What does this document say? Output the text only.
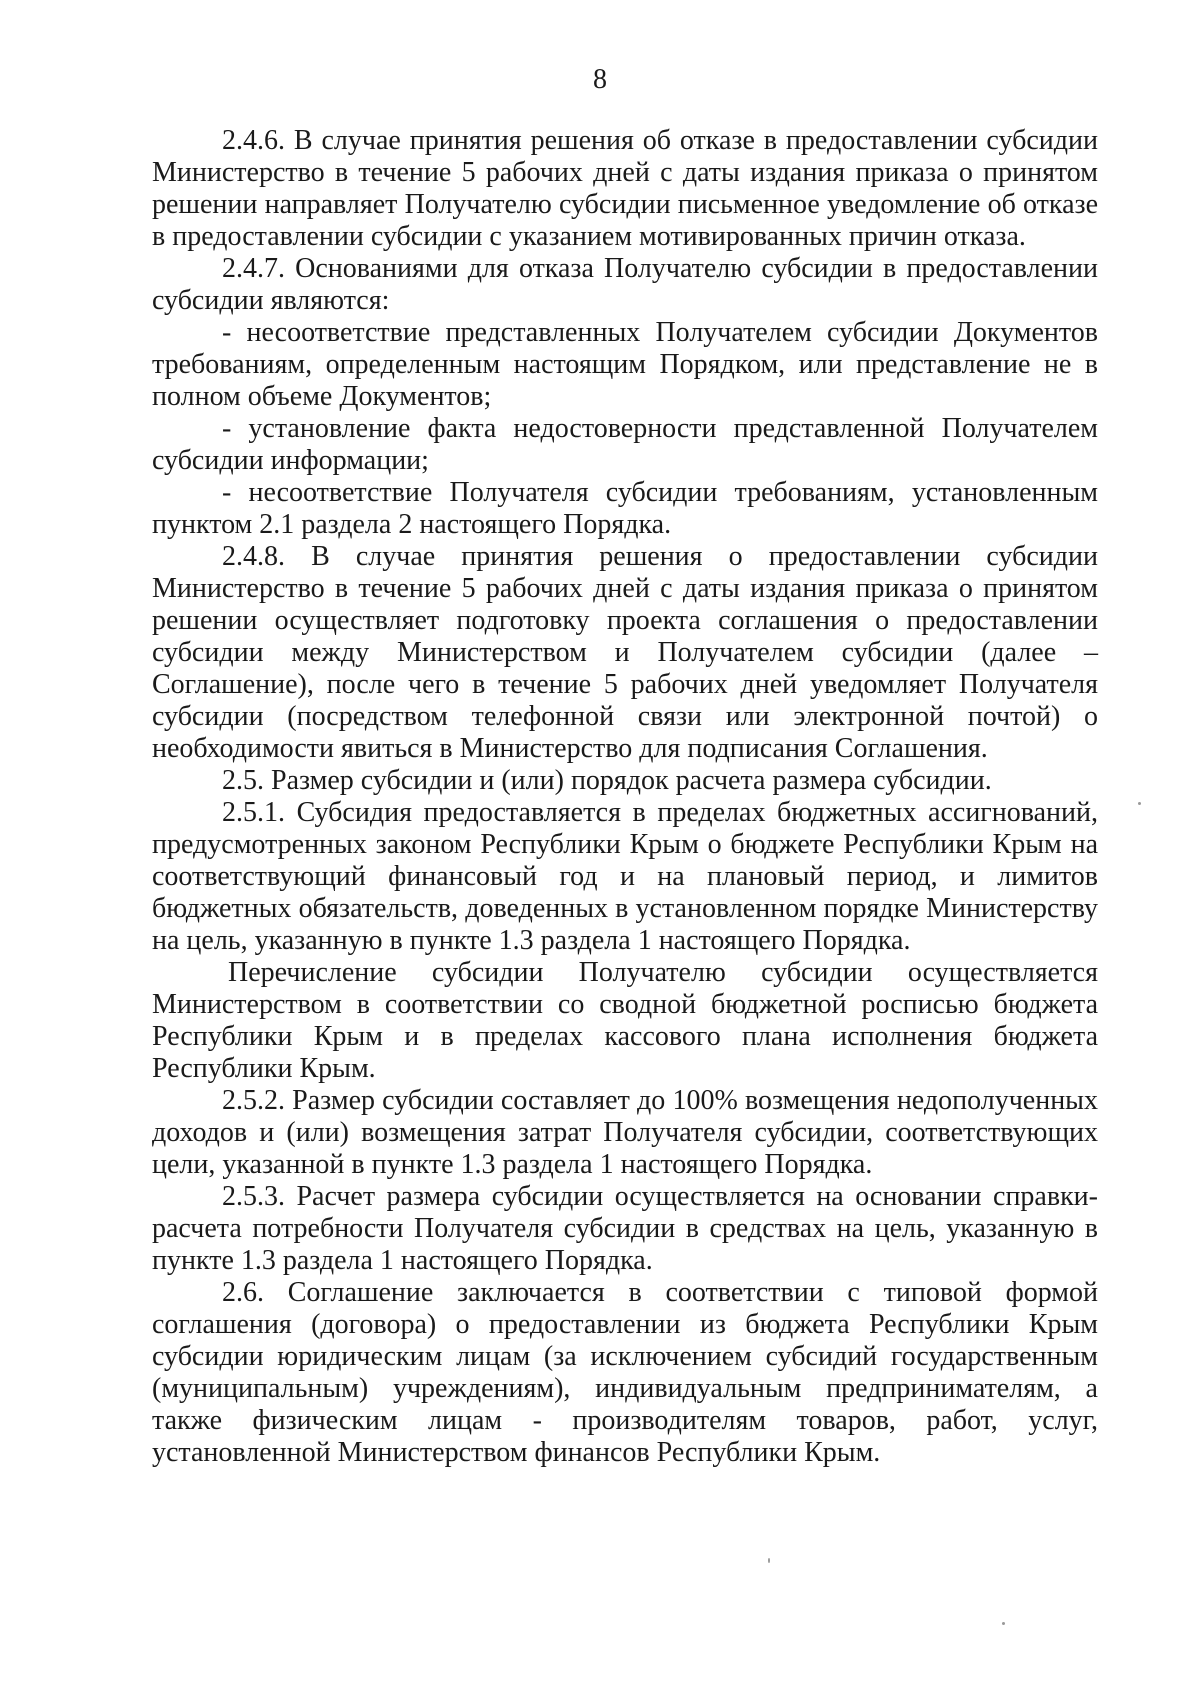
8

2.4.6. В случае принятия решения об отказе в предоставлении субсидии Министерство в течение 5 рабочих дней с даты издания приказа о принятом решении направляет Получателю субсидии письменное уведомление об отказе в предоставлении субсидии с указанием мотивированных причин отказа.

2.4.7. Основаниями для отказа Получателю субсидии в предоставлении субсидии являются:

- несоответствие представленных Получателем субсидии Документов требованиям, определенным настоящим Порядком, или представление не в полном объеме Документов;

- установление факта недостоверности представленной Получателем субсидии информации;

- несоответствие Получателя субсидии требованиям, установленным пунктом 2.1 раздела 2 настоящего Порядка.

2.4.8. В случае принятия решения о предоставлении субсидии Министерство в течение 5 рабочих дней с даты издания приказа о принятом решении осуществляет подготовку проекта соглашения о предоставлении субсидии между Министерством и Получателем субсидии (далее – Соглашение), после чего в течение 5 рабочих дней уведомляет Получателя субсидии (посредством телефонной связи или электронной почтой) о необходимости явиться в Министерство для подписания Соглашения.

2.5. Размер субсидии и (или) порядок расчета размера субсидии.

2.5.1. Субсидия предоставляется в пределах бюджетных ассигнований, предусмотренных законом Республики Крым о бюджете Республики Крым на соответствующий финансовый год и на плановый период, и лимитов бюджетных обязательств, доведенных в установленном порядке Министерству на цель, указанную в пункте 1.3 раздела 1 настоящего Порядка.

Перечисление субсидии Получателю субсидии осуществляется Министерством в соответствии со сводной бюджетной росписью бюджета Республики Крым и в пределах кассового плана исполнения бюджета Республики Крым.

2.5.2. Размер субсидии составляет до 100% возмещения недополученных доходов и (или) возмещения затрат Получателя субсидии, соответствующих цели, указанной в пункте 1.3 раздела 1 настоящего Порядка.

2.5.3. Расчет размера субсидии осуществляется на основании справки-расчета потребности Получателя субсидии в средствах на цель, указанную в пункте 1.3 раздела 1 настоящего Порядка.

2.6. Соглашение заключается в соответствии с типовой формой соглашения (договора) о предоставлении из бюджета Республики Крым субсидии юридическим лицам (за исключением субсидий государственным (муниципальным) учреждениям), индивидуальным предпринимателям, а также физическим лицам - производителям товаров, работ, услуг, установленной Министерством финансов Республики Крым.
